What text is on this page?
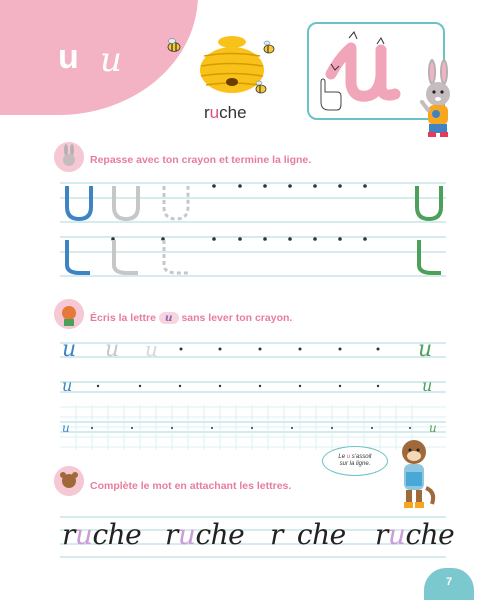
u u
ruche
Repasse avec ton crayon et termine la ligne.
Écris la lettre u sans lever ton crayon.
Complète le mot en attachant les lettres.
u u u	u
u	u
u	u
Le u s'assoit
sur la ligne.
ruche ruche r che ruche
7
